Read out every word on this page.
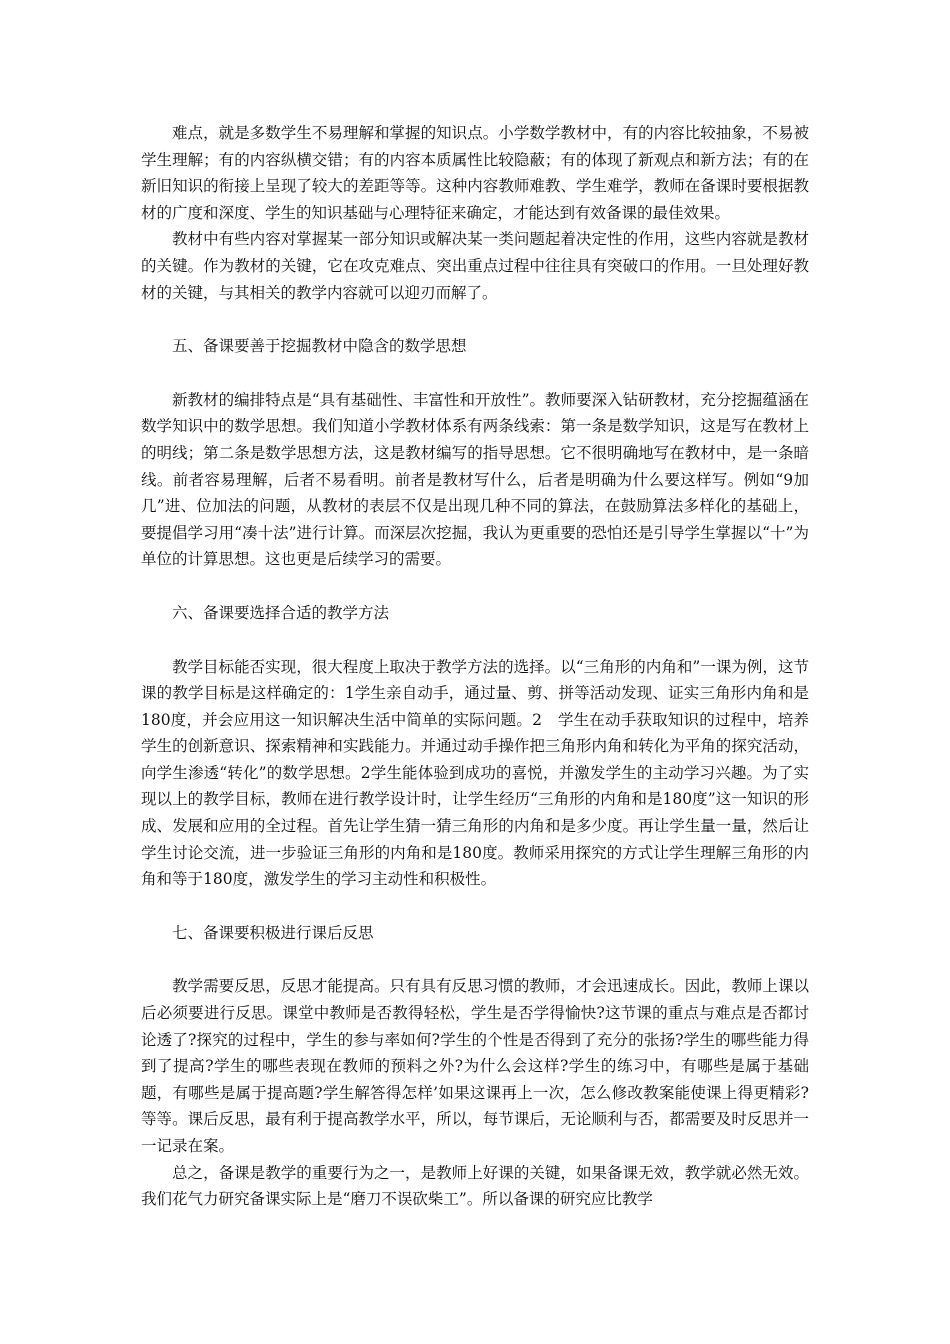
难点，就是多数学生不易理解和掌握的知识点。小学数学教材中，有的内容比较抽象，不易被学生理解；有的内容纵横交错；有的内容本质属性比较隐蔽；有的体现了新观点和新方法；有的在新旧知识的衔接上呈现了较大的差距等等。这种内容教师难教、学生难学，教师在备课时要根据教材的广度和深度、学生的知识基础与心理特征来确定，才能达到有效备课的最佳效果。

教材中有些内容对掌握某一部分知识或解决某一类问题起着决定性的作用，这些内容就是教材的关键。作为教材的关键，它在攻克难点、突出重点过程中往往具有突破口的作用。一旦处理好教材的关键，与其相关的教学内容就可以迎刃而解了。

五、备课要善于挖掘教材中隐含的数学思想

新教材的编排特点是“具有基础性、丰富性和开放性”。教师要深入钻研教材，充分挖掘蕴涵在数学知识中的数学思想。我们知道小学教材体系有两条线索：第一条是数学知识，这是写在教材上的明线；第二条是数学思想方法，这是教材编写的指导思想。它不很明确地写在教材中，是一条暗线。前者容易理解，后者不易看明。前者是教材写什么，后者是明确为什么要这样写。例如“9加几”进、位加法的问题，从教材的表层不仅是出现几种不同的算法，在鼓励算法多样化的基础上，要提倡学习用“凑十法”进行计算。而深层次挖掘，我认为更重要的恐怕还是引导学生掌握以“十”为单位的计算思想。这也更是后续学习的需要。

六、备课要选择合适的教学方法

教学目标能否实现，很大程度上取决于教学方法的选择。以“三角形的内角和”一课为例，这节课的教学目标是这样确定的：1学生亲自动手，通过量、剪、拼等活动发现、证实三角形内角和是180度，并会应用这一知识解决生活中简单的实际问题。2　学生在动手获取知识的过程中，培养学生的创新意识、探索精神和实践能力。并通过动手操作把三角形内角和转化为平角的探究活动，向学生渗透“转化”的数学思想。2学生能体验到成功的喜悦，并激发学生的主动学习兴趣。为了实现以上的教学目标，教师在进行教学设计时，让学生经历“三角形的内角和是180度”这一知识的形成、发展和应用的全过程。首先让学生猜一猜三角形的内角和是多少度。再让学生量一量，然后让学生讨论交流，进一步验证三角形的内角和是180度。教师采用探究的方式让学生理解三角形的内角和等于180度，激发学生的学习主动性和积极性。

七、备课要积极进行课后反思

教学需要反思，反思才能提高。只有具有反思习惯的教师，才会迅速成长。因此，教师上课以后必须要进行反思。课堂中教师是否教得轻松，学生是否学得愉快?这节课的重点与难点是否都讨论透了?探究的过程中，学生的参与率如何?学生的个性是否得到了充分的张扬?学生的哪些能力得到了提高?学生的哪些表现在教师的预料之外?为什么会这样?学生的练习中，有哪些是属于基础题，有哪些是属于提高题?学生解答得怎样’如果这课再上一次，怎么修改教案能使课上得更精彩?等等。课后反思，最有利于提高教学水平，所以，每节课后，无论顺利与否，都需要及时反思并一一记录在案。

总之，备课是教学的重要行为之一，是教师上好课的关键，如果备课无效，教学就必然无效。我们花气力研究备课实际上是“磨刀不误砍柴工”。所以备课的研究应比教学
